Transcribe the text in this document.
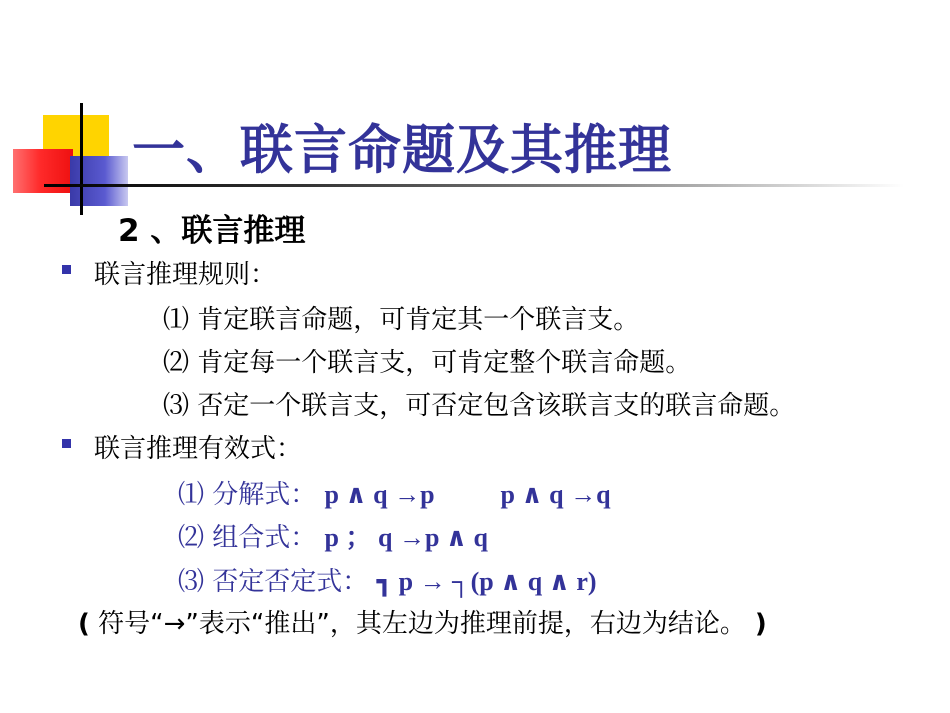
一、联言命题及其推理
2 、联言推理
联言推理规则：
⑴ 肯定联言命题，可肯定其一个联言支。
⑵ 肯定每一个联言支，可肯定整个联言命题。
⑶ 否定一个联言支，可否定包含该联言支的联言命题。
联言推理有效式：
⑴ 分解式： p ∧ q →p	p ∧ q →q
⑵ 组合式： p ； q →p ∧ q
⑶ 否定否定式： ┓ p → ┐(p ∧ q ∧ r)
( 符号“→”表示“推出”，其左边为推理前提，右边为结论。 )
